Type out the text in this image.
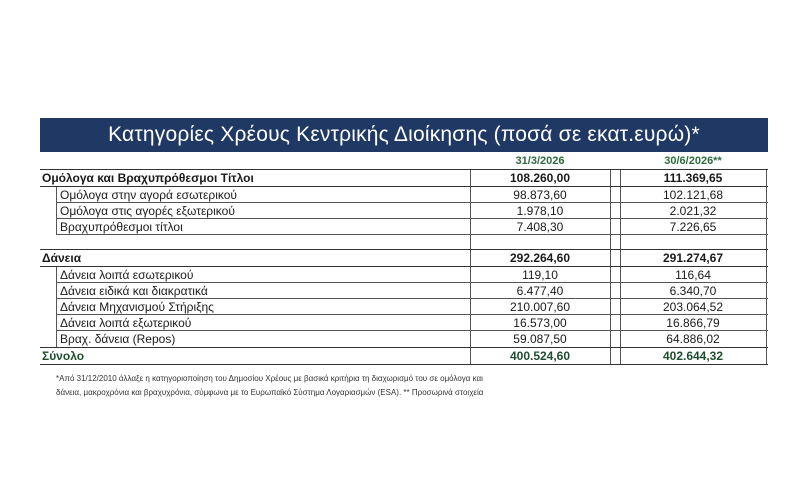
Κατηγορίες Χρέους Κεντρικής Διοίκησης (ποσά σε εκατ.ευρώ)*
31/3/2026	30/6/2026**
Ομόλογα και Βραχυπρόθεσμοι Τίτλοι	108.260,00	111.369,65
Ομόλογα στην αγορά εσωτερικού	98.873,60	102.121,68
Ομόλογα στις αγορές εξωτερικού	1.978,10	2.021,32
Βραχυπρόθεσμοι τίτλοι	7.408,30	7.226,65
Δάνεια	292.264,60	291.274,67
Δάνεια λοιπά εσωτερικού	119,10	116,64
Δάνεια ειδικά και διακρατικά	6.477,40	6.340,70
Δάνεια Μηχανισμού Στήριξης	210.007,60	203.064,52
Δάνεια λοιπά εξωτερικού	16.573,00	16.866,79
Βραχ. δάνεια (Repos)	59.087,50	64.886,02
Σύνολο	400.524,60	402.644,32
*Από 31/12/2010 άλλαξε η κατηγοριοποίηση του Δημοσίου Χρέους με βασικά κριτήρια τη διαχωρισμό του σε ομόλογα και
δάνεια, μακροχρόνια και βραχυχρόνια, σύμφωνα με το Ευρωπαϊκό Σύστημα Λογαριασμών (ESA). ** Προσωρινά στοιχεία
